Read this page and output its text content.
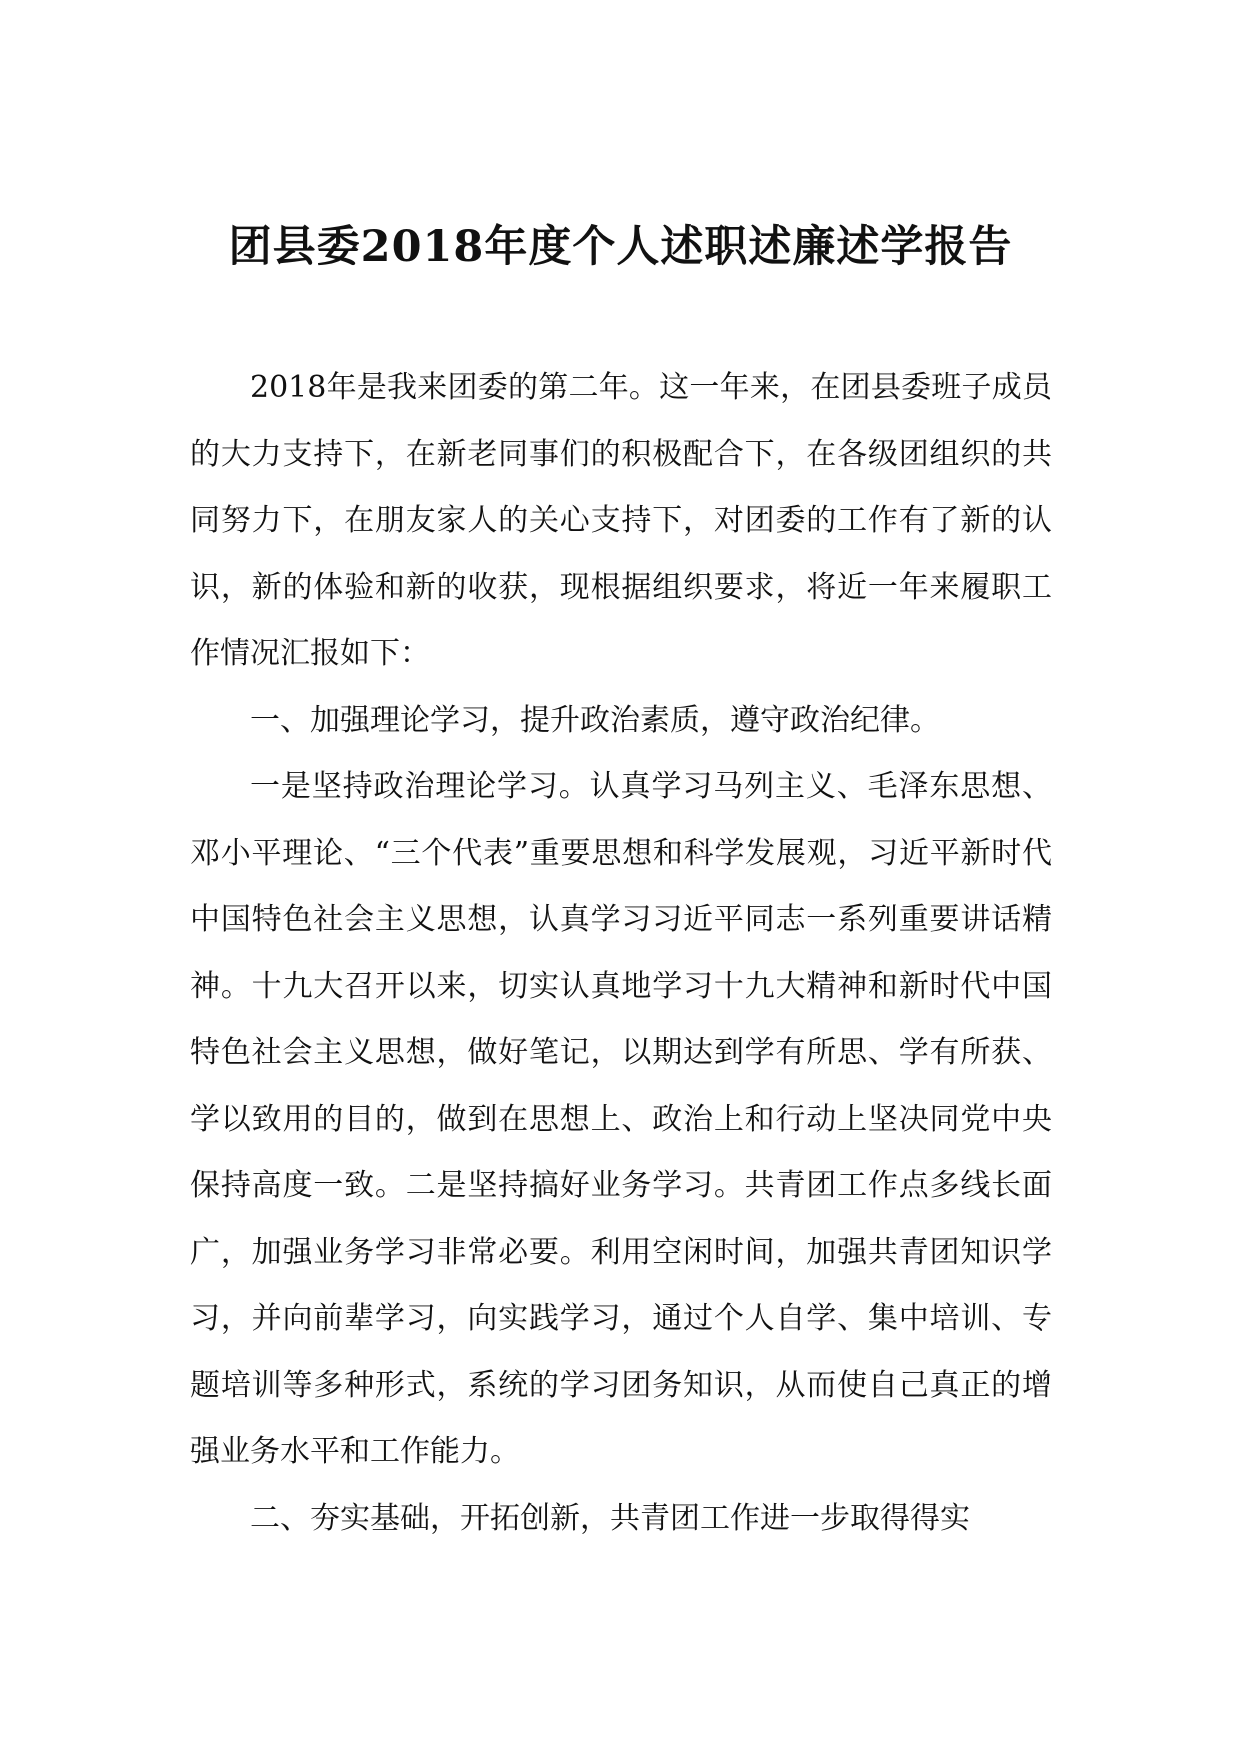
团县委2018年度个人述职述廉述学报告

2018年是我来团委的第二年。这一年来，在团县委班子成员的大力支持下，在新老同事们的积极配合下，在各级团组织的共同努力下，在朋友家人的关心支持下，对团委的工作有了新的认识，新的体验和新的收获，现根据组织要求，将近一年来履职工作情况汇报如下：

一、加强理论学习，提升政治素质，遵守政治纪律。

一是坚持政治理论学习。认真学习马列主义、毛泽东思想、邓小平理论、“三个代表”重要思想和科学发展观，习近平新时代中国特色社会主义思想，认真学习习近平同志一系列重要讲话精神。十九大召开以来，切实认真地学习十九大精神和新时代中国特色社会主义思想，做好笔记，以期达到学有所思、学有所获、学以致用的目的，做到在思想上、政治上和行动上坚决同党中央保持高度一致。二是坚持搞好业务学习。共青团工作点多线长面广，加强业务学习非常必要。利用空闲时间，加强共青团知识学习，并向前辈学习，向实践学习，通过个人自学、集中培训、专题培训等多种形式，系统的学习团务知识，从而使自己真正的增强业务水平和工作能力。

二、夯实基础，开拓创新，共青团工作进一步取得得实
